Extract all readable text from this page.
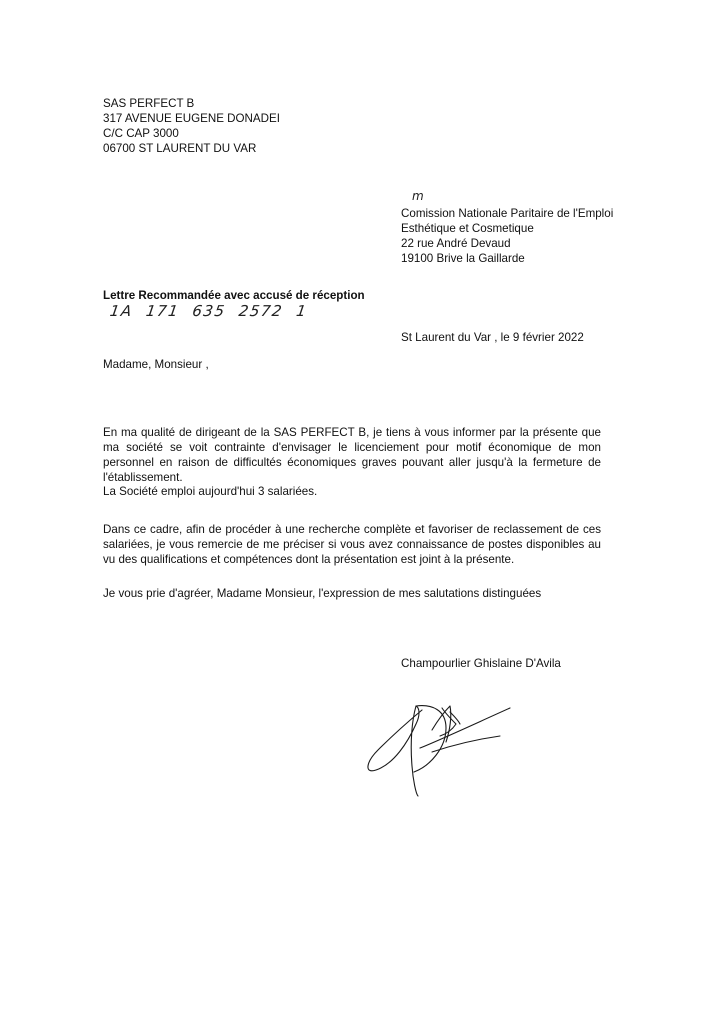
SAS PERFECT B
317 AVENUE EUGENE DONADEI
C/C CAP 3000
06700 ST LAURENT DU VAR
m
Comission Nationale Paritaire de l'Emploi
Esthétique et Cosmetique
22 rue André Devaud
19100 Brive la Gaillarde
Lettre Recommandée avec accusé de réception
1A 171 635 2572 1
St Laurent du Var , le 9 février 2022
Madame, Monsieur ,
En ma qualité de dirigeant de la SAS PERFECT B, je tiens à vous informer par la présente que ma société se voit contrainte d'envisager le licenciement pour motif économique de mon personnel en raison de difficultés économiques graves pouvant aller jusqu'à la fermeture de l'établissement.
La Société emploi aujourd'hui 3 salariées.
Dans ce cadre, afin de procéder à une recherche complète et favoriser de reclassement de ces salariées, je vous remercie de me préciser si vous avez connaissance de postes disponibles au vu des qualifications et compétences dont la présentation est joint à la présente.
Je vous prie d'agréer, Madame Monsieur, l'expression de mes salutations distinguées
Champourlier Ghislaine D'Avila
